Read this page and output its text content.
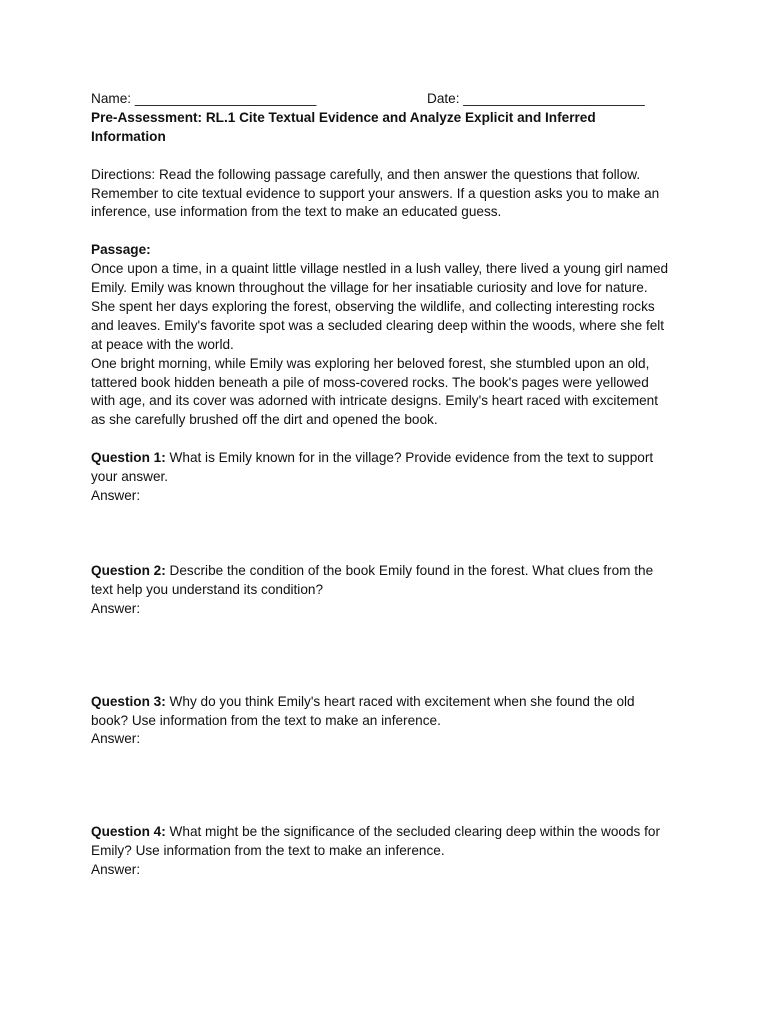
Name: ________________________	Date: ________________________

Pre-Assessment: RL.1 Cite Textual Evidence and Analyze Explicit and Inferred

Information

Directions: Read the following passage carefully, and then answer the questions that follow.

Remember to cite textual evidence to support your answers. If a question asks you to make an

inference, use information from the text to make an educated guess.

Passage:

Once upon a time, in a quaint little village nestled in a lush valley, there lived a young girl named

Emily. Emily was known throughout the village for her insatiable curiosity and love for nature.

She spent her days exploring the forest, observing the wildlife, and collecting interesting rocks

and leaves. Emily's favorite spot was a secluded clearing deep within the woods, where she felt

at peace with the world.

One bright morning, while Emily was exploring her beloved forest, she stumbled upon an old,

tattered book hidden beneath a pile of moss-covered rocks. The book's pages were yellowed

with age, and its cover was adorned with intricate designs. Emily's heart raced with excitement

as she carefully brushed off the dirt and opened the book.

Question 1: What is Emily known for in the village? Provide evidence from the text to support

your answer.

Answer:

Question 2: Describe the condition of the book Emily found in the forest. What clues from the

text help you understand its condition?

Answer:

Question 3: Why do you think Emily's heart raced with excitement when she found the old

book? Use information from the text to make an inference.

Answer:

Question 4: What might be the significance of the secluded clearing deep within the woods for

Emily? Use information from the text to make an inference.

Answer:
